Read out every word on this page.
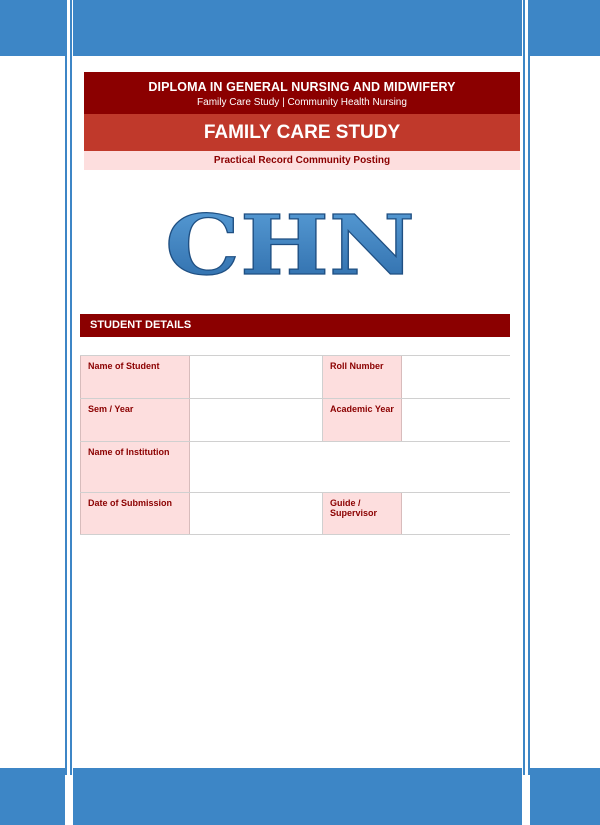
DIPLOMA IN GENERAL NURSING AND MIDWIFERY
Family Care Study | Community Health Nursing
FAMILY CARE STUDY
Practical Record Community Posting
CHN
STUDENT DETAILS
Name of Student	Roll Number
Sem / Year	Academic Year
Name of Institution
Date of Submission	Guide / Supervisor
